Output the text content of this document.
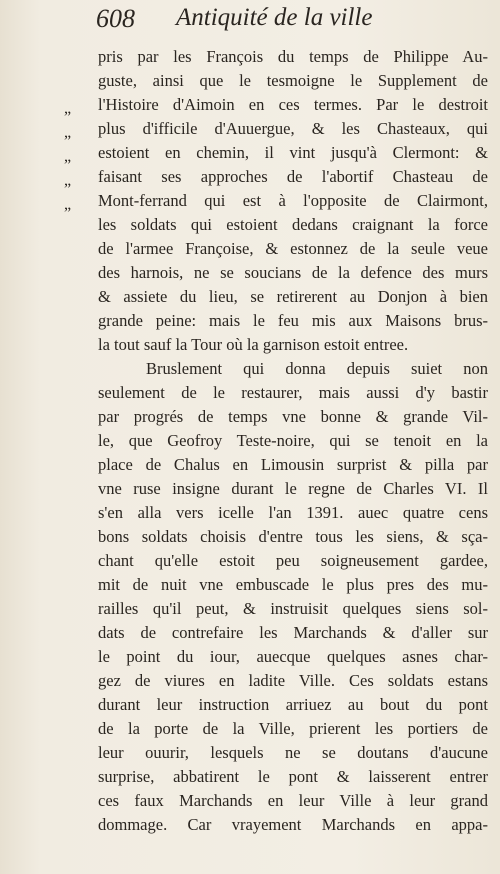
608 Antiquité de la ville
„
„
„
„
„
pris par les François du temps de Philippe Au-
guste, ainsi que le tesmoigne le Supplement de
l'Histoire d'Aimoin en ces termes. Par le destroit
plus d'ifficile d'Auuergue, & les Chasteaux, qui
estoient en chemin, il vint jusqu'à Clermont: &
faisant ses approches de l'abortif Chasteau de
Mont-ferrand qui est à l'opposite de Clairmont,
les soldats qui estoient dedans craignant la force
de l'armee Françoise, & estonnez de la seule veue
des harnois, ne se soucians de la defence des murs
& assiete du lieu, se retirerent au Donjon à bien
grande peine: mais le feu mis aux Maisons brus-
la tout sauf la Tour où la garnison estoit entree.
Bruslement qui donna depuis suiet non
seulement de le restaurer, mais aussi d'y bastir
par progrés de temps vne bonne & grande Vil-
le, que Geofroy Teste-noire, qui se tenoit en la
place de Chalus en Limousin surprist & pilla par
vne ruse insigne durant le regne de Charles VI. Il
s'en alla vers icelle l'an 1391. auec quatre cens
bons soldats choisis d'entre tous les siens, & sça-
chant qu'elle estoit peu soigneusement gardee,
mit de nuit vne embuscade le plus pres des mu-
railles qu'il peut, & instruisit quelques siens sol-
dats de contrefaire les Marchands & d'aller sur
le point du iour, auecque quelques asnes char-
gez de viures en ladite Ville. Ces soldats estans
durant leur instruction arriuez au bout du pont
de la porte de la Ville, prierent les portiers de
leur ouurir, lesquels ne se doutans d'aucune
surprise, abbatirent le pont & laisserent entrer
ces faux Marchands en leur Ville à leur grand
dommage. Car vrayement Marchands en appa-
